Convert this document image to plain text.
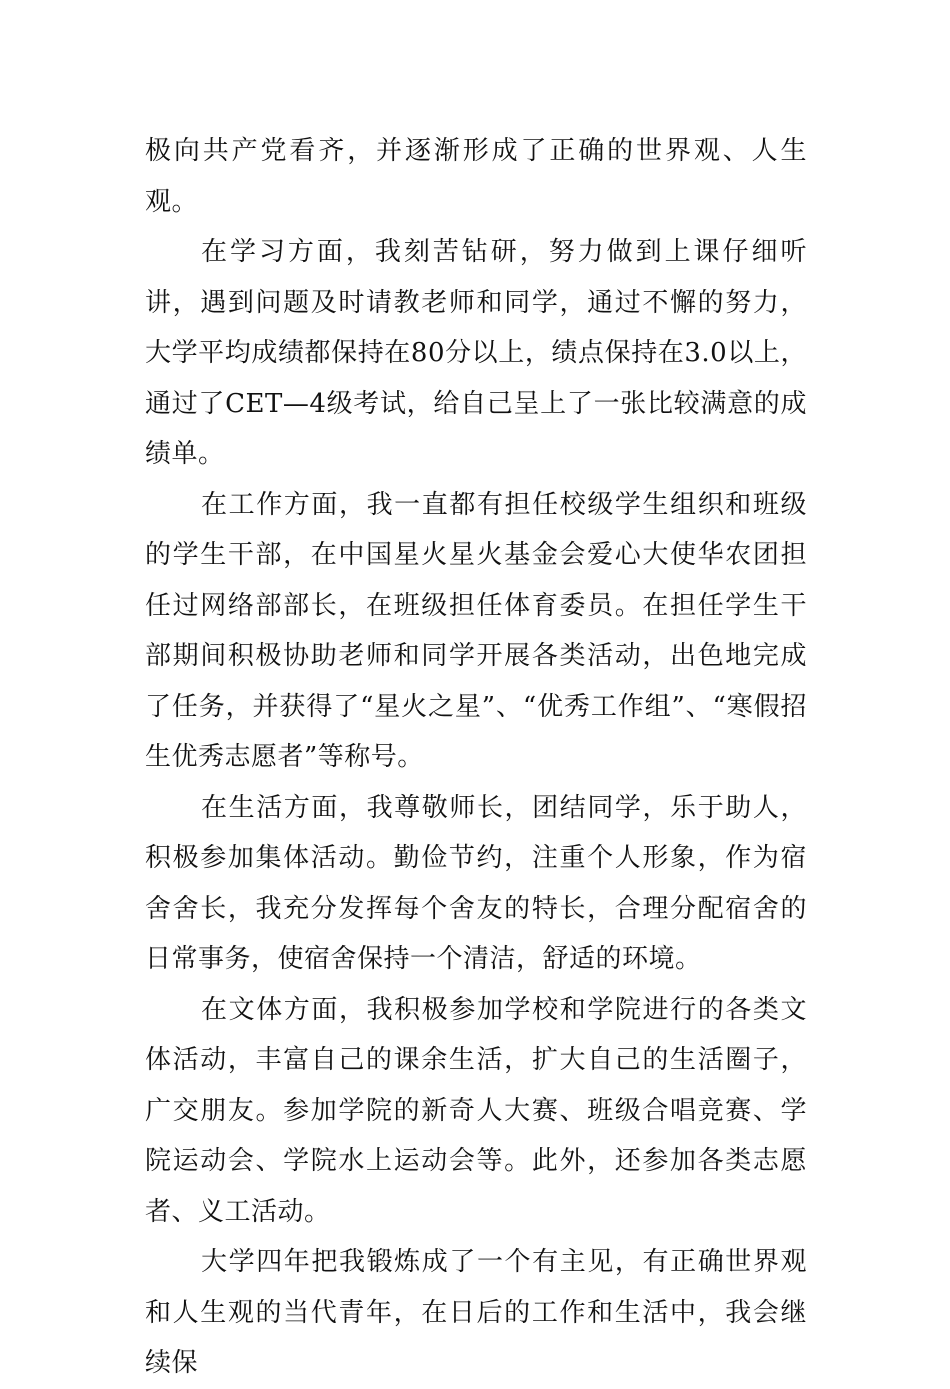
极向共产党看齐，并逐渐形成了正确的世界观、人生观。

在学习方面，我刻苦钻研，努力做到上课仔细听讲，遇到问题及时请教老师和同学，通过不懈的努力，大学平均成绩都保持在80分以上，绩点保持在3.0以上，通过了CET—4级考试，给自己呈上了一张比较满意的成绩单。

在工作方面，我一直都有担任校级学生组织和班级的学生干部，在中国星火星火基金会爱心大使华农团担任过网络部部长，在班级担任体育委员。在担任学生干部期间积极协助老师和同学开展各类活动，出色地完成了任务，并获得了“星火之星”、“优秀工作组”、“寒假招生优秀志愿者”等称号。

在生活方面，我尊敬师长，团结同学，乐于助人，积极参加集体活动。勤俭节约，注重个人形象，作为宿舍舍长，我充分发挥每个舍友的特长，合理分配宿舍的日常事务，使宿舍保持一个清洁，舒适的环境。

在文体方面，我积极参加学校和学院进行的各类文体活动，丰富自己的课余生活，扩大自己的生活圈子，广交朋友。参加学院的新奇人大赛、班级合唱竞赛、学院运动会、学院水上运动会等。此外，还参加各类志愿者、义工活动。

大学四年把我锻炼成了一个有主见，有正确世界观和人生观的当代青年，在日后的工作和生活中，我会继续保
